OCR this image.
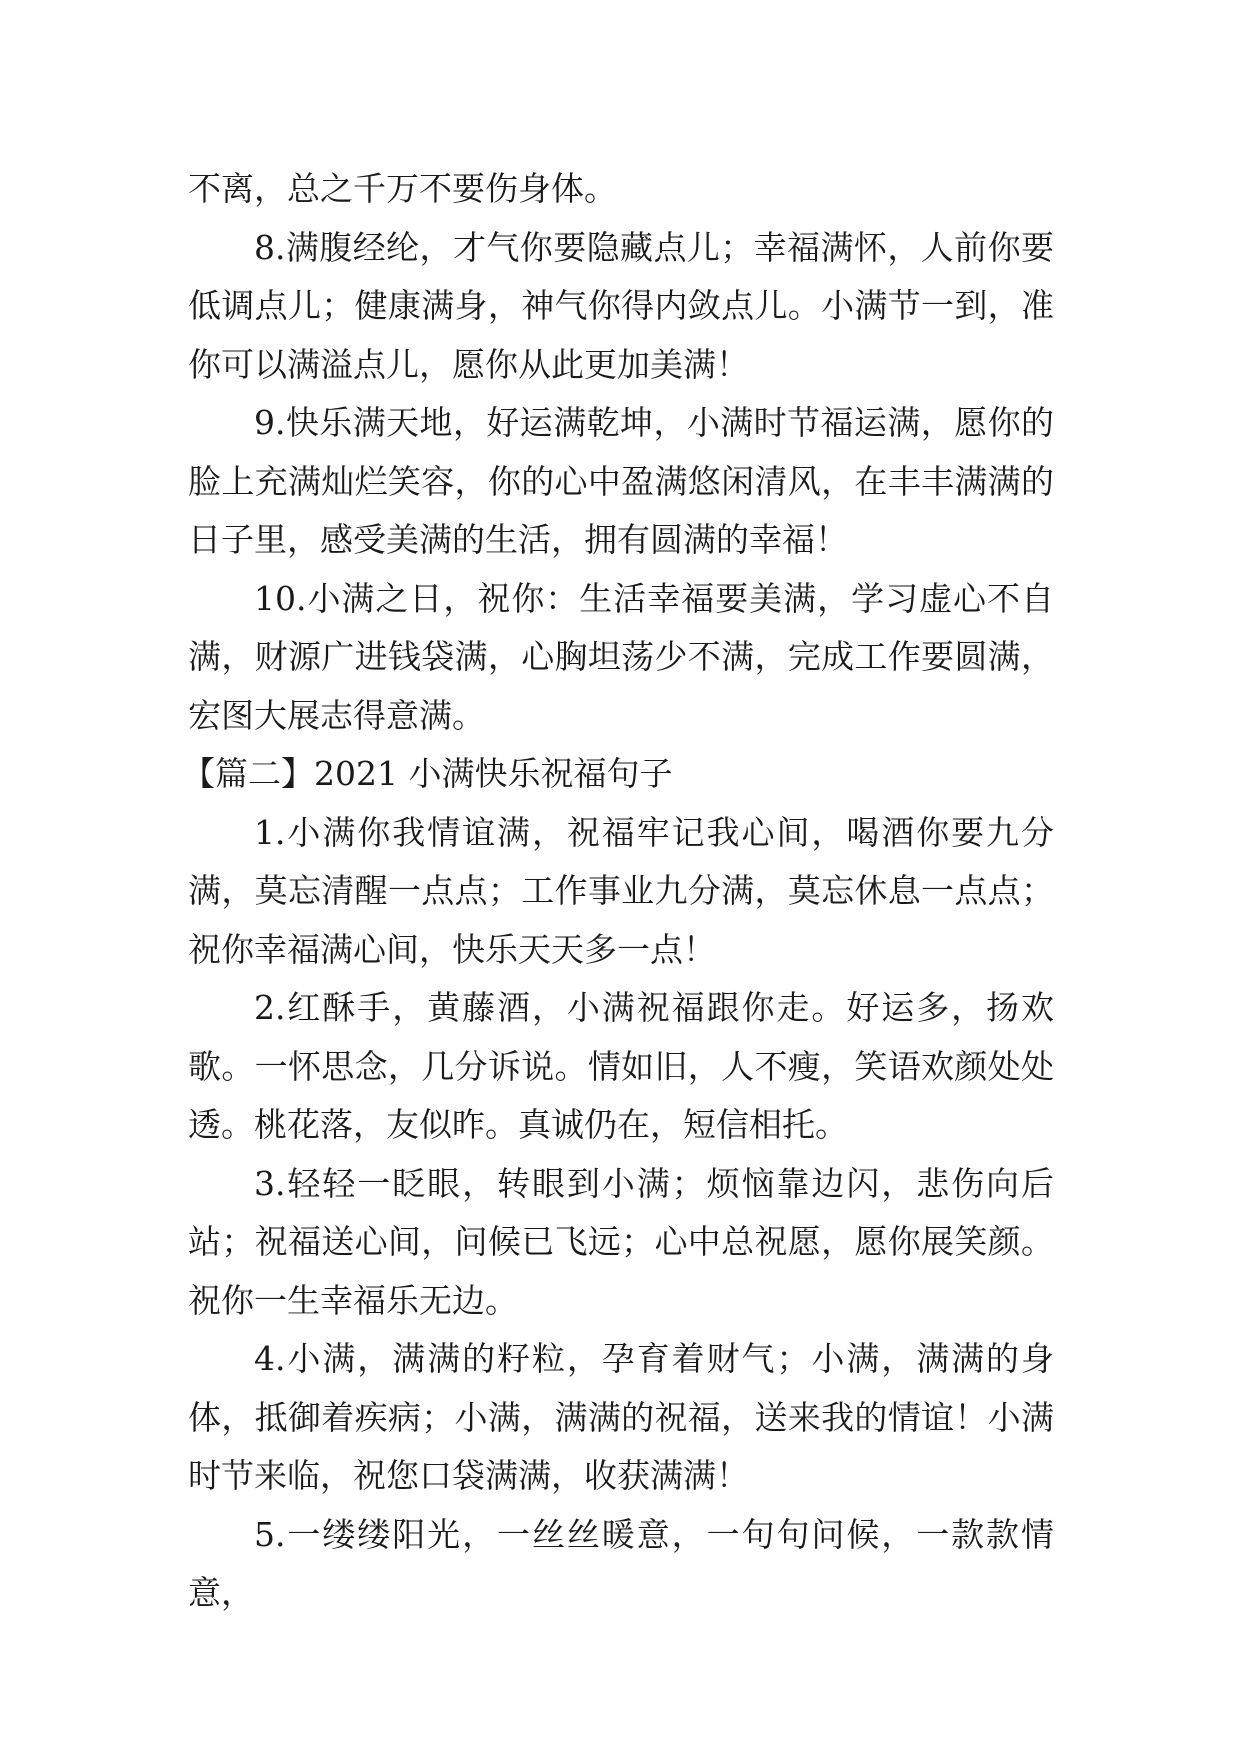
不离，总之千万不要伤身体。

8.满腹经纶，才气你要隐藏点儿；幸福满怀，人前你要低调点儿；健康满身，神气你得内敛点儿。小满节一到，准你可以满溢点儿，愿你从此更加美满！

9.快乐满天地，好运满乾坤，小满时节福运满，愿你的脸上充满灿烂笑容，你的心中盈满悠闲清风，在丰丰满满的日子里，感受美满的生活，拥有圆满的幸福！

10.小满之日，祝你：生活幸福要美满，学习虚心不自满，财源广进钱袋满，心胸坦荡少不满，完成工作要圆满，宏图大展志得意满。

【篇二】2021 小满快乐祝福句子

1.小满你我情谊满，祝福牢记我心间，喝酒你要九分满，莫忘清醒一点点；工作事业九分满，莫忘休息一点点；祝你幸福满心间，快乐天天多一点！

2.红酥手，黄藤酒，小满祝福跟你走。好运多，扬欢歌。一怀思念，几分诉说。情如旧，人不瘦，笑语欢颜处处透。桃花落，友似昨。真诚仍在，短信相托。

3.轻轻一眨眼，转眼到小满；烦恼靠边闪，悲伤向后站；祝福送心间，问候已飞远；心中总祝愿，愿你展笑颜。祝你一生幸福乐无边。

4.小满，满满的籽粒，孕育着财气；小满，满满的身体，抵御着疾病；小满，满满的祝福，送来我的情谊！小满时节来临，祝您口袋满满，收获满满！

5.一缕缕阳光，一丝丝暖意，一句句问候，一款款情意，
